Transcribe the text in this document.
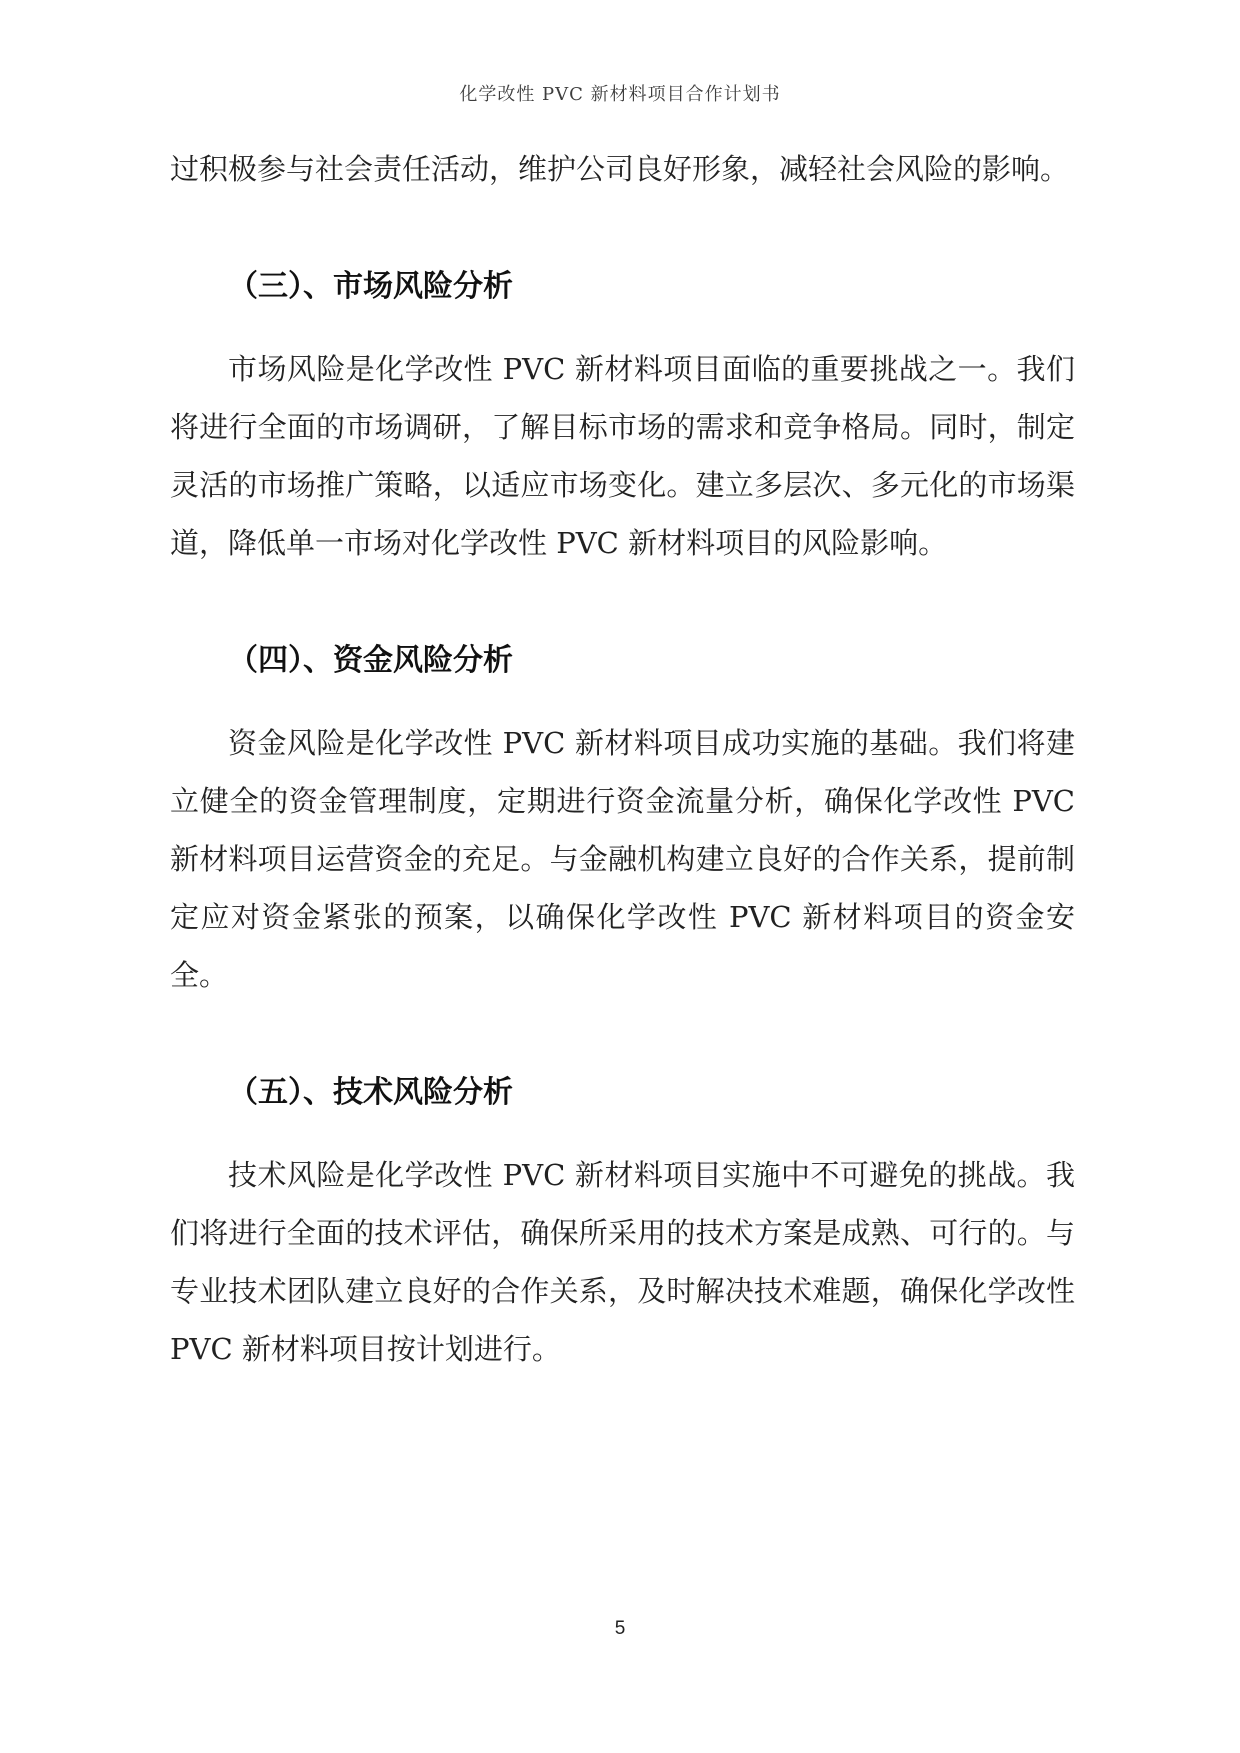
化学改性 PVC 新材料项目合作计划书

过积极参与社会责任活动，维护公司良好形象，减轻社会风险的影响。

（三）、市场风险分析

市场风险是化学改性 PVC 新材料项目面临的重要挑战之一。我们将进行全面的市场调研，了解目标市场的需求和竞争格局。同时，制定灵活的市场推广策略，以适应市场变化。建立多层次、多元化的市场渠道，降低单一市场对化学改性 PVC 新材料项目的风险影响。

（四）、资金风险分析

资金风险是化学改性 PVC 新材料项目成功实施的基础。我们将建立健全的资金管理制度，定期进行资金流量分析，确保化学改性 PVC 新材料项目运营资金的充足。与金融机构建立良好的合作关系，提前制定应对资金紧张的预案，以确保化学改性 PVC 新材料项目的资金安全。

（五）、技术风险分析

技术风险是化学改性 PVC 新材料项目实施中不可避免的挑战。我们将进行全面的技术评估，确保所采用的技术方案是成熟、可行的。与专业技术团队建立良好的合作关系，及时解决技术难题，确保化学改性 PVC 新材料项目按计划进行。

5
